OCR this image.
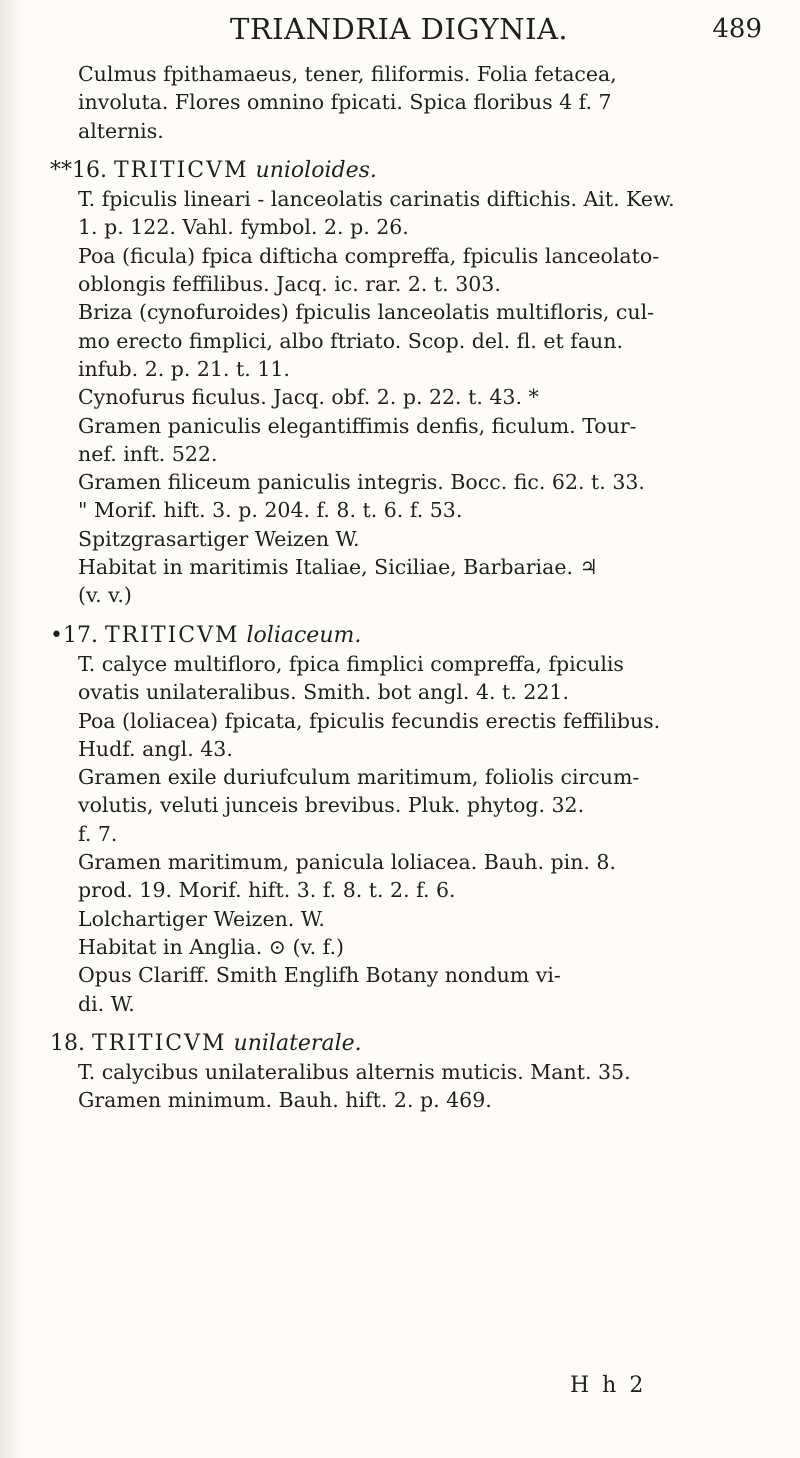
TRIANDRIA DIGYNIA.	489
Culmus fpithamaeus, tener, filiformis. Folia fetacea,
involuta. Flores omnino fpicati. Spica floribus 4 f. 7
alternis.
**16. TRITICVM unioloides.
T. fpiculis lineari - lanceolatis carinatis diftichis. Ait. Kew.
1. p. 122. Vahl. fymbol. 2. p. 26.
Poa (ficula) fpica difticha compreffa, fpiculis lanceolato-
oblongis feffilibus. Jacq. ic. rar. 2. t. 303.
Briza (cynofuroides) fpiculis lanceolatis multifloris, cul-
mo erecto fimplici, albo ftriato. Scop. del. fl. et faun.
infub. 2. p. 21. t. 11.
Cynofurus ficulus. Jacq. obf. 2. p. 22. t. 43. *
Gramen paniculis elegantiffimis denfis, ficulum. Tour-
nef. inft. 522.
Gramen filiceum paniculis integris. Bocc. fic. 62. t. 33.
" Morif. hift. 3. p. 204. f. 8. t. 6. f. 53.
Spitzgrasartiger Weizen W.
Habitat in maritimis Italiae, Siciliae, Barbariae. ♃
(v. v.)
•17. TRITICVM loliaceum.
T. calyce multifloro, fpica fimplici compreffa, fpiculis
ovatis unilateralibus. Smith. bot angl. 4. t. 221.
Poa (loliacea) fpicata, fpiculis fecundis erectis feffilibus.
Hudf. angl. 43.
Gramen exile duriufculum maritimum, foliolis circum-
volutis, veluti junceis brevibus. Pluk. phytog. 32.
f. 7.
Gramen maritimum, panicula loliacea. Bauh. pin. 8.
prod. 19. Morif. hift. 3. f. 8. t. 2. f. 6.
Lolchartiger Weizen. W.
Habitat in Anglia. ⊙ (v. f.)
Opus Clariff. Smith Englifh Botany nondum vi-
di. W.
18. TRITICVM unilaterale.
T. calycibus unilateralibus alternis muticis. Mant. 35.
Gramen minimum. Bauh. hift. 2. p. 469.
H h 2
